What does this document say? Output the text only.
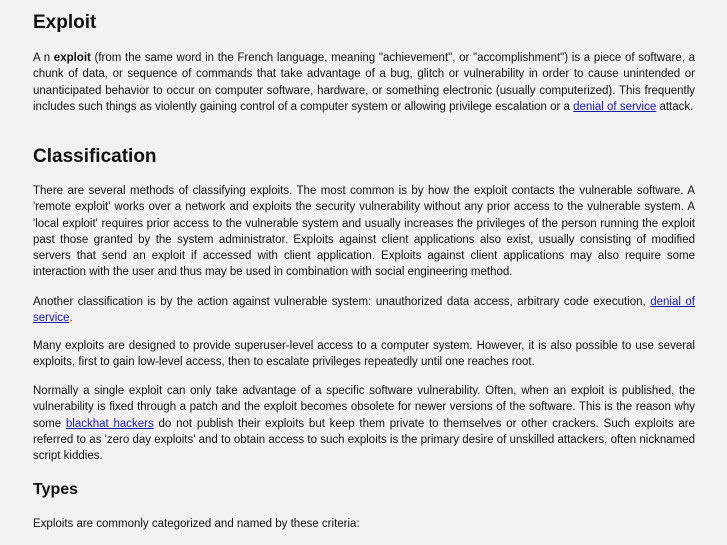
Exploit

A n exploit (from the same word in the French language, meaning "achievement", or "accomplishment") is a piece of software, a chunk of data, or sequence of commands that take advantage of a bug, glitch or vulnerability in order to cause unintended or unanticipated behavior to occur on computer software, hardware, or something electronic (usually computerized). This frequently includes such things as violently gaining control of a computer system or allowing privilege escalation or a denial of service attack.

Classification

There are several methods of classifying exploits. The most common is by how the exploit contacts the vulnerable software. A 'remote exploit' works over a network and exploits the security vulnerability without any prior access to the vulnerable system. A 'local exploit' requires prior access to the vulnerable system and usually increases the privileges of the person running the exploit past those granted by the system administrator. Exploits against client applications also exist, usually consisting of modified servers that send an exploit if accessed with client application. Exploits against client applications may also require some interaction with the user and thus may be used in combination with social engineering method.

Another classification is by the action against vulnerable system: unauthorized data access, arbitrary code execution, denial of service.

Many exploits are designed to provide superuser-level access to a computer system. However, it is also possible to use several exploits, first to gain low-level access, then to escalate privileges repeatedly until one reaches root.

Normally a single exploit can only take advantage of a specific software vulnerability. Often, when an exploit is published, the vulnerability is fixed through a patch and the exploit becomes obsolete for newer versions of the software. This is the reason why some blackhat hackers do not publish their exploits but keep them private to themselves or other crackers. Such exploits are referred to as 'zero day exploits' and to obtain access to such exploits is the primary desire of unskilled attackers, often nicknamed script kiddies.

Types

Exploits are commonly categorized and named by these criteria:
